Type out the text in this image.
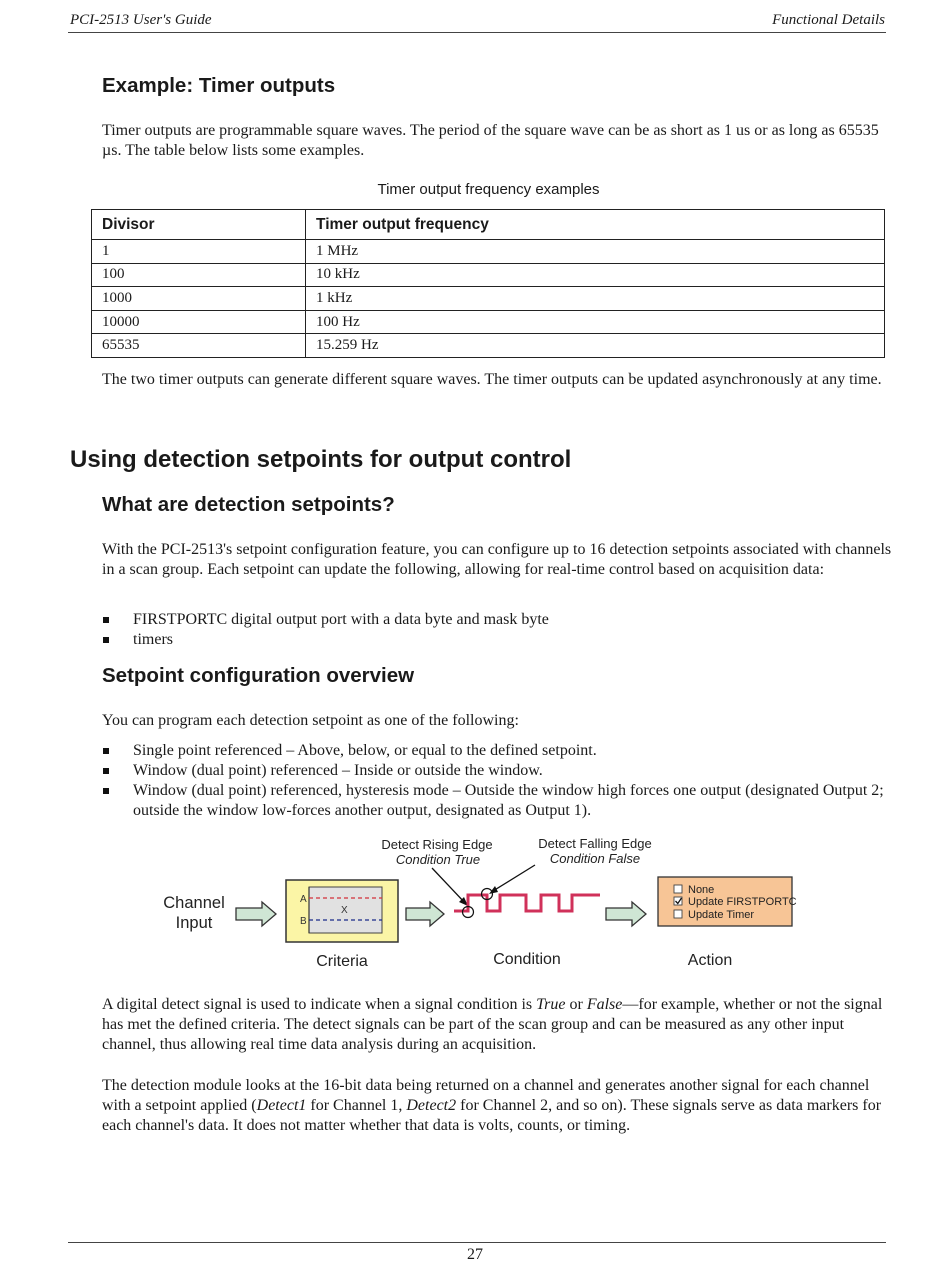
PCI-2513 User's Guide	Functional Details
Example: Timer outputs

Timer outputs are programmable square waves. The period of the square wave can be as short as 1 us or as long as 65535 µs. The table below lists some examples.

Timer output frequency examples
Divisor	Timer output frequency
1	1 MHz
100	10 kHz
1000	1 kHz
10000	100 Hz
65535	15.259 Hz

The two timer outputs can generate different square waves. The timer outputs can be updated asynchronously at any time.

Using detection setpoints for output control
What are detection setpoints?

With the PCI-2513's setpoint configuration feature, you can configure up to 16 detection setpoints associated with channels in a scan group. Each setpoint can update the following, allowing for real-time control based on acquisition data:

FIRSTPORTC digital output port with a data byte and mask byte
timers
Setpoint configuration overview

You can program each detection setpoint as one of the following:

Single point referenced – Above, below, or equal to the defined setpoint.
Window (dual point) referenced – Inside or outside the window.
Window (dual point) referenced, hysteresis mode – Outside the window high forces one output (designated Output 2; outside the window low-forces another output, designated as Output 1).
Channel
Input
A
B
X
Criteria
Detect Rising Edge
Condition True
Detect Falling Edge
Condition False
Condition
None
Update FIRSTPORTC
Update Timer
Action

A digital detect signal is used to indicate when a signal condition is True or False—for example, whether or not the signal has met the defined criteria. The detect signals can be part of the scan group and can be measured as any other input channel, thus allowing real time data analysis during an acquisition.

The detection module looks at the 16-bit data being returned on a channel and generates another signal for each channel with a setpoint applied (Detect1 for Channel 1, Detect2 for Channel 2, and so on). These signals serve as data markers for each channel's data. It does not matter whether that data is volts, counts, or timing.

27
